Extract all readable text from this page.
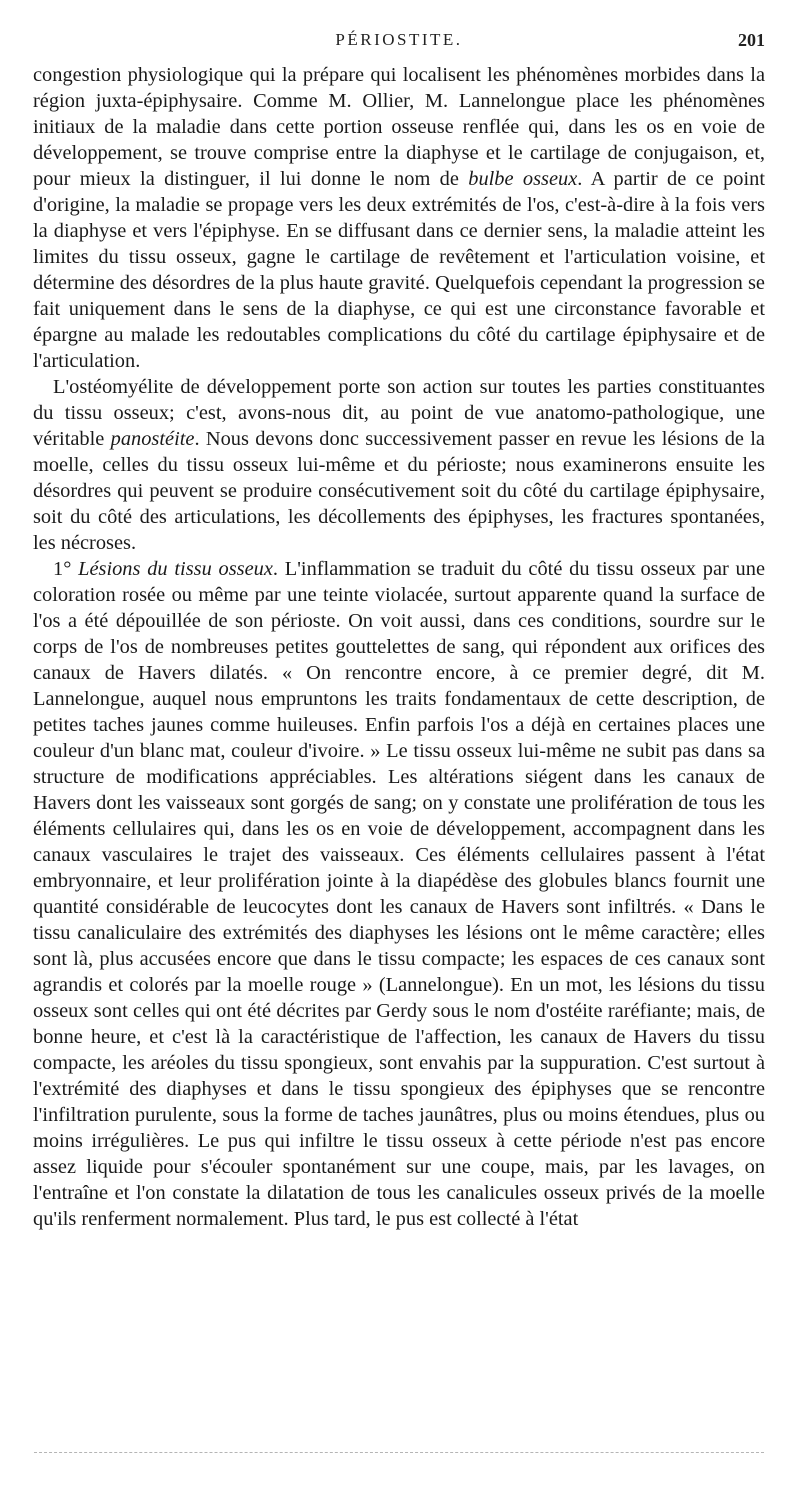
PÉRIOSTITE.	201

congestion physiologique qui la prépare qui localisent les phénomènes morbides dans la région juxta-épiphysaire. Comme M. Ollier, M. Lannelongue place les phénomènes initiaux de la maladie dans cette portion osseuse renflée qui, dans les os en voie de développement, se trouve comprise entre la diaphyse et le cartilage de conjugaison, et, pour mieux la distinguer, il lui donne le nom de bulbe osseux. A partir de ce point d'origine, la maladie se propage vers les deux extrémités de l'os, c'est-à-dire à la fois vers la diaphyse et vers l'épiphyse. En se diffusant dans ce dernier sens, la maladie atteint les limites du tissu osseux, gagne le cartilage de revêtement et l'articulation voisine, et détermine des désordres de la plus haute gravité. Quelquefois cependant la progression se fait uniquement dans le sens de la diaphyse, ce qui est une circonstance favorable et épargne au malade les redoutables complications du côté du cartilage épiphysaire et de l'articulation.

L'ostéomyélite de développement porte son action sur toutes les parties constituantes du tissu osseux; c'est, avons-nous dit, au point de vue anatomo-pathologique, une véritable panostéite. Nous devons donc successivement passer en revue les lésions de la moelle, celles du tissu osseux lui-même et du périoste; nous examinerons ensuite les désordres qui peuvent se produire consécutivement soit du côté du cartilage épiphysaire, soit du côté des articulations, les décollements des épiphyses, les fractures spontanées, les nécroses.

1° Lésions du tissu osseux. L'inflammation se traduit du côté du tissu osseux par une coloration rosée ou même par une teinte violacée, surtout apparente quand la surface de l'os a été dépouillée de son périoste. On voit aussi, dans ces conditions, sourdre sur le corps de l'os de nombreuses petites gouttelettes de sang, qui répondent aux orifices des canaux de Havers dilatés. « On rencontre encore, à ce premier degré, dit M. Lannelongue, auquel nous empruntons les traits fondamentaux de cette description, de petites taches jaunes comme huileuses. Enfin parfois l'os a déjà en certaines places une couleur d'un blanc mat, couleur d'ivoire. » Le tissu osseux lui-même ne subit pas dans sa structure de modifications appréciables. Les altérations siégent dans les canaux de Havers dont les vaisseaux sont gorgés de sang; on y constate une prolifération de tous les éléments cellulaires qui, dans les os en voie de développement, accompagnent dans les canaux vasculaires le trajet des vaisseaux. Ces éléments cellulaires passent à l'état embryonnaire, et leur prolifération jointe à la diapédèse des globules blancs fournit une quantité considérable de leucocytes dont les canaux de Havers sont infiltrés. « Dans le tissu canaliculaire des extrémités des diaphyses les lésions ont le même caractère; elles sont là, plus accusées encore que dans le tissu compacte; les espaces de ces canaux sont agrandis et colorés par la moelle rouge » (Lannelongue). En un mot, les lésions du tissu osseux sont celles qui ont été décrites par Gerdy sous le nom d'ostéite raréfiante; mais, de bonne heure, et c'est là la caractéristique de l'affection, les canaux de Havers du tissu compacte, les aréoles du tissu spongieux, sont envahis par la suppuration. C'est surtout à l'extrémité des diaphyses et dans le tissu spongieux des épiphyses que se rencontre l'infiltration purulente, sous la forme de taches jaunâtres, plus ou moins étendues, plus ou moins irrégulières. Le pus qui infiltre le tissu osseux à cette période n'est pas encore assez liquide pour s'écouler spontanément sur une coupe, mais, par les lavages, on l'entraîne et l'on constate la dilatation de tous les canalicules osseux privés de la moelle qu'ils renferment normalement. Plus tard, le pus est collecté à l'état
